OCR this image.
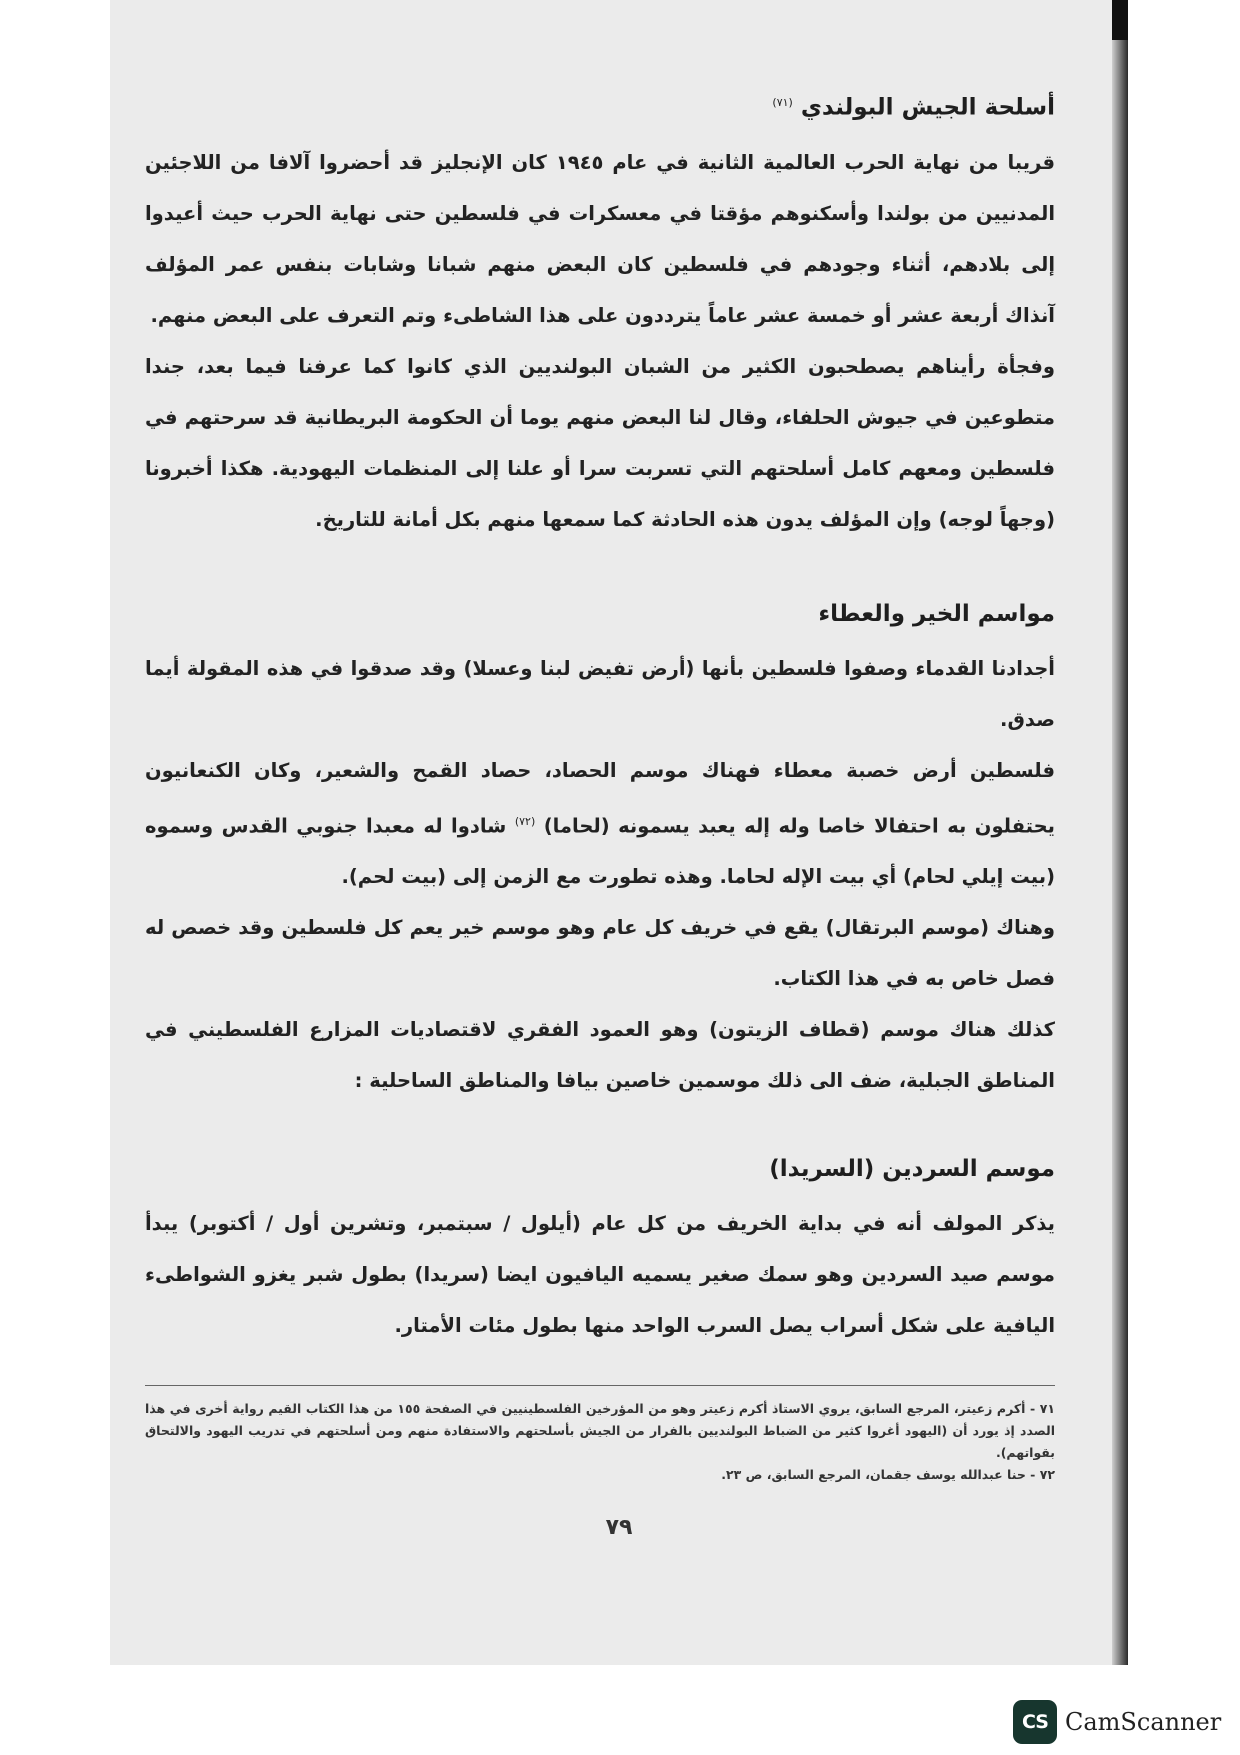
أسلحة الجيش البولندي $^{(٧١)}$

قريبا من نهاية الحرب العالمية الثانية في عام ١٩٤٥ كان الإنجليز قد أحضروا آلافا من اللاجئين المدنيين من بولندا وأسكنوهم مؤقتا في معسكرات في فلسطين حتى نهاية الحرب حيث أعيدوا إلى بلادهم، أثناء وجودهم في فلسطين كان البعض منهم شبانا وشابات بنفس عمر المؤلف آنذاك أربعة عشر أو خمسة عشر عاماً يترددون على هذا الشاطىء وتم التعرف على البعض منهم.

وفجأة رأيناهم يصطحبون الكثير من الشبان البولنديين الذي كانوا كما عرفنا فيما بعد، جندا متطوعين في جيوش الحلفاء، وقال لنا البعض منهم يوما أن الحكومة البريطانية قد سرحتهم في فلسطين ومعهم كامل أسلحتهم التي تسربت سرا أو علنا إلى المنظمات اليهودية. هكذا أخبرونا (وجهاً لوجه) وإن المؤلف يدون هذه الحادثة كما سمعها منهم بكل أمانة للتاريخ.

مواسم الخير والعطاء

أجدادنا القدماء وصفوا فلسطين بأنها (أرض تفيض لبنا وعسلا) وقد صدقوا في هذه المقولة أيما صدق.

فلسطين أرض خصبة معطاء فهناك موسم الحصاد، حصاد القمح والشعير، وكان الكنعانيون يحتفلون به احتفالا خاصا وله إله يعبد يسمونه (لحاما) $^{(٧٢)}$ شادوا له معبدا جنوبي القدس وسموه (بيت إيلي لحام) أي بيت الإله لحاما. وهذه تطورت مع الزمن إلى (بيت لحم).

وهناك (موسم البرتقال) يقع في خريف كل عام وهو موسم خير يعم كل فلسطين وقد خصص له فصل خاص به في هذا الكتاب.

كذلك هناك موسم (قطاف الزيتون) وهو العمود الفقري لاقتصاديات المزارع الفلسطيني في المناطق الجبلية، ضف الى ذلك موسمين خاصين بيافا والمناطق الساحلية :

موسم السردين (السريدا)

يذكر المولف أنه في بداية الخريف من كل عام (أيلول / سبتمبر، وتشرين أول / أكتوبر) يبدأ موسم صيد السردين وهو سمك صغير يسميه اليافيون ايضا (سريدا) بطول شبر يغزو الشواطىء اليافية على شكل أسراب يصل السرب الواحد منها بطول مئات الأمتار.

٧١ - أكرم زعيتر، المرجع السابق، يروي الاستاذ أكرم زعيتر وهو من المؤرخين الفلسطينيين في الصفحة ١٥٥ من هذا الكتاب القيم رواية أخرى في هذا الصدد إذ يورد أن (اليهود أغروا كثير من الضباط البولنديين بالفرار من الجيش بأسلحتهم والاستفادة منهم ومن أسلحتهم في تدريب اليهود والالتحاق بقواتهم).

٧٢ - حنا عبدالله يوسف جقمان، المرجع السابق، ص ٢٣.

٧٩
CS CamScanner
